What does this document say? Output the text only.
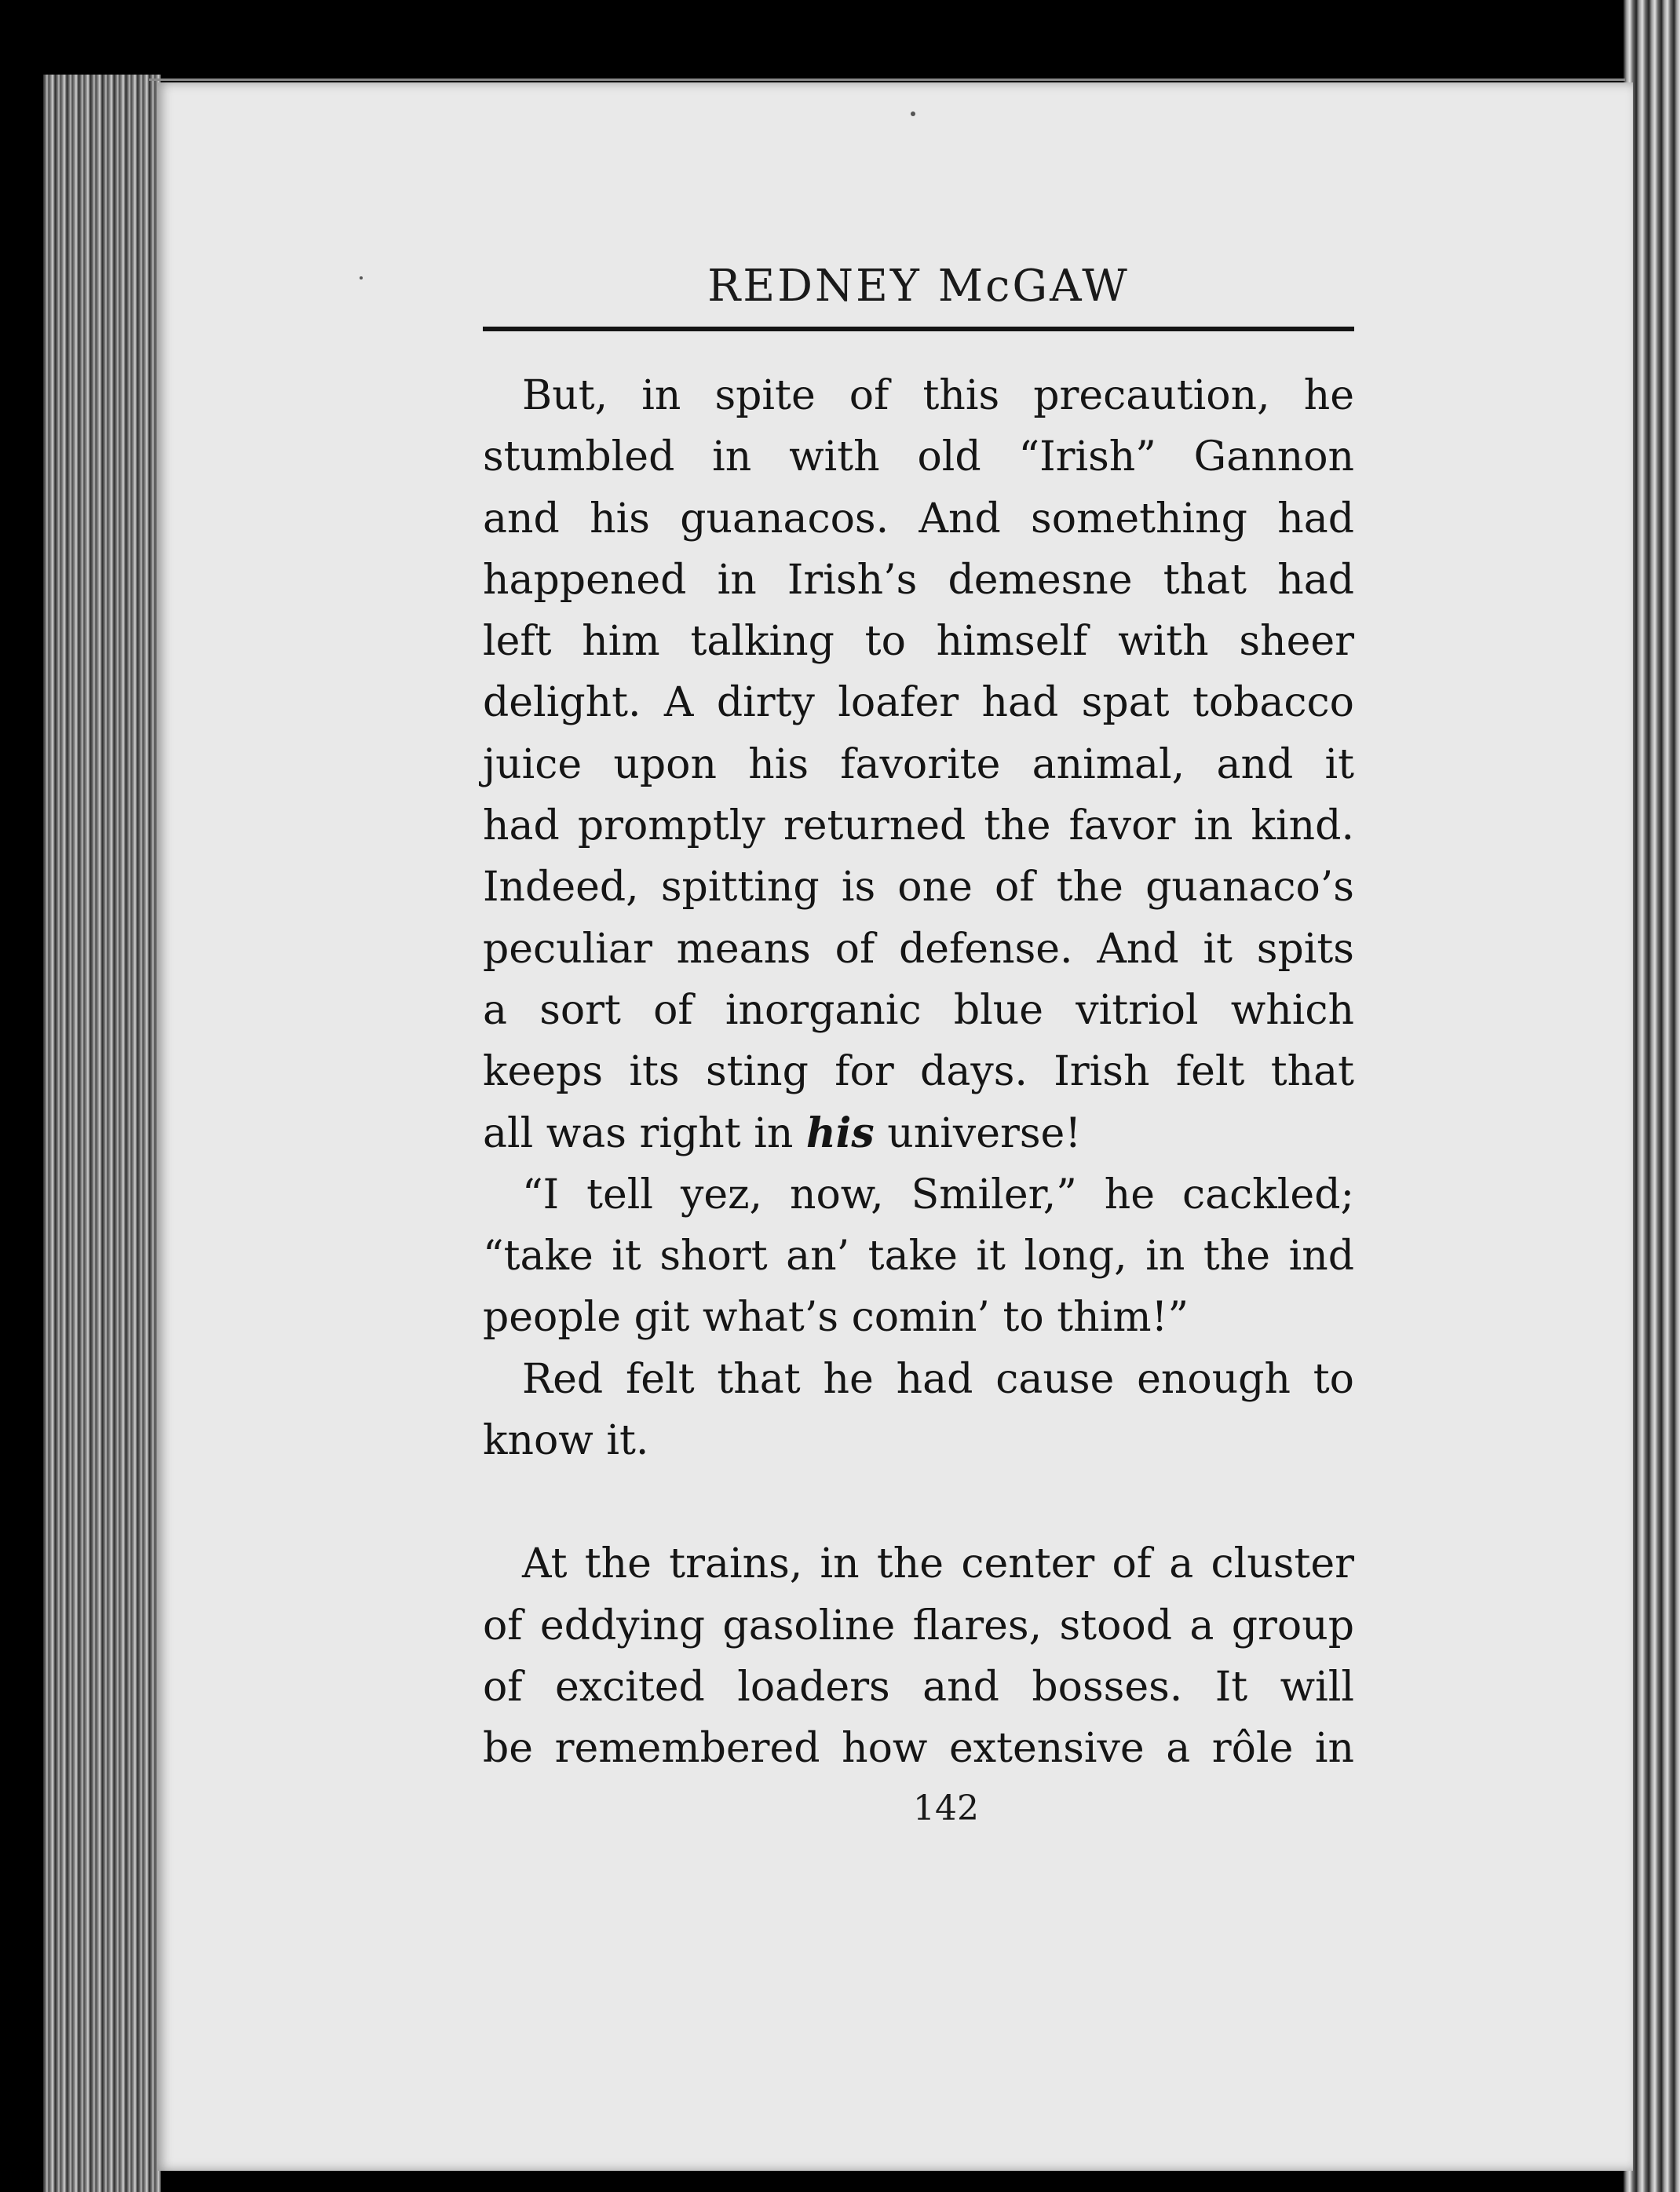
REDNEY McGAW
But, in spite of this precaution, he
stumbled in with old “Irish” Gannon
and his guanacos. And something had
happened in Irish’s demesne that had
left him talking to himself with sheer
delight. A dirty loafer had spat tobacco
juice upon his favorite animal, and it
had promptly returned the favor in kind.
Indeed, spitting is one of the guanaco’s
peculiar means of defense. And it spits
a sort of inorganic blue vitriol which
keeps its sting for days. Irish felt that
all was right in his universe!
“I tell yez, now, Smiler,” he cackled;
“take it short an’ take it long, in the ind
people git what’s comin’ to thim!”
Red felt that he had cause enough to
know it.
At the trains, in the center of a cluster
of eddying gasoline flares, stood a group
of excited loaders and bosses. It will
be remembered how extensive a rôle in
142
